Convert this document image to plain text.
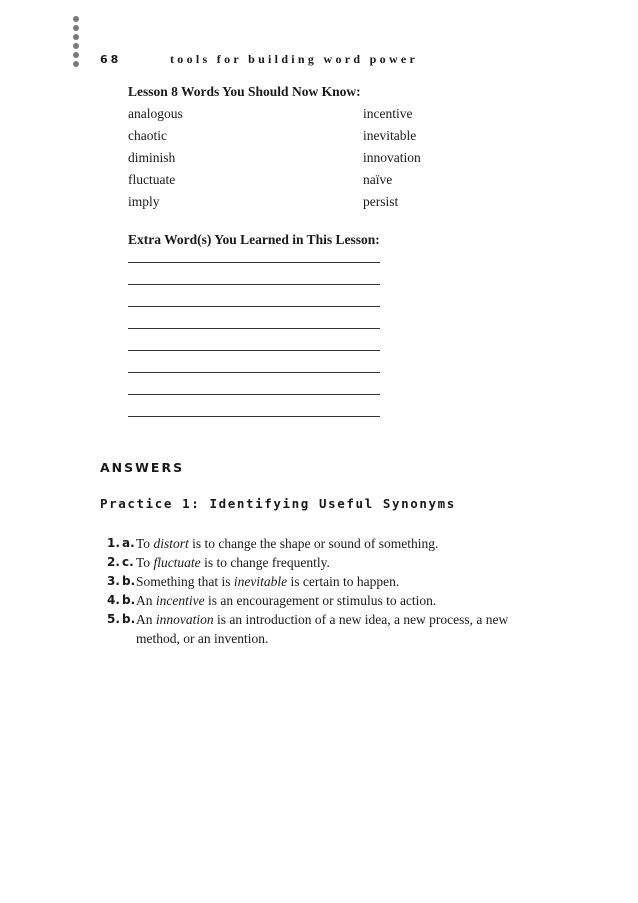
68	tools for building word power
Lesson 8 Words You Should Now Know:
analogous	incentive
chaotic	inevitable
diminish	innovation
fluctuate	naïve
imply	persist
Extra Word(s) You Learned in This Lesson:
ANSWERS
Practice 1: Identifying Useful Synonyms
1. a. To distort is to change the shape or sound of something.
2. c. To fluctuate is to change frequently.
3. b. Something that is inevitable is certain to happen.
4. b. An incentive is an encouragement or stimulus to action.
5. b. An innovation is an introduction of a new idea, a new process, a new method, or an invention.
